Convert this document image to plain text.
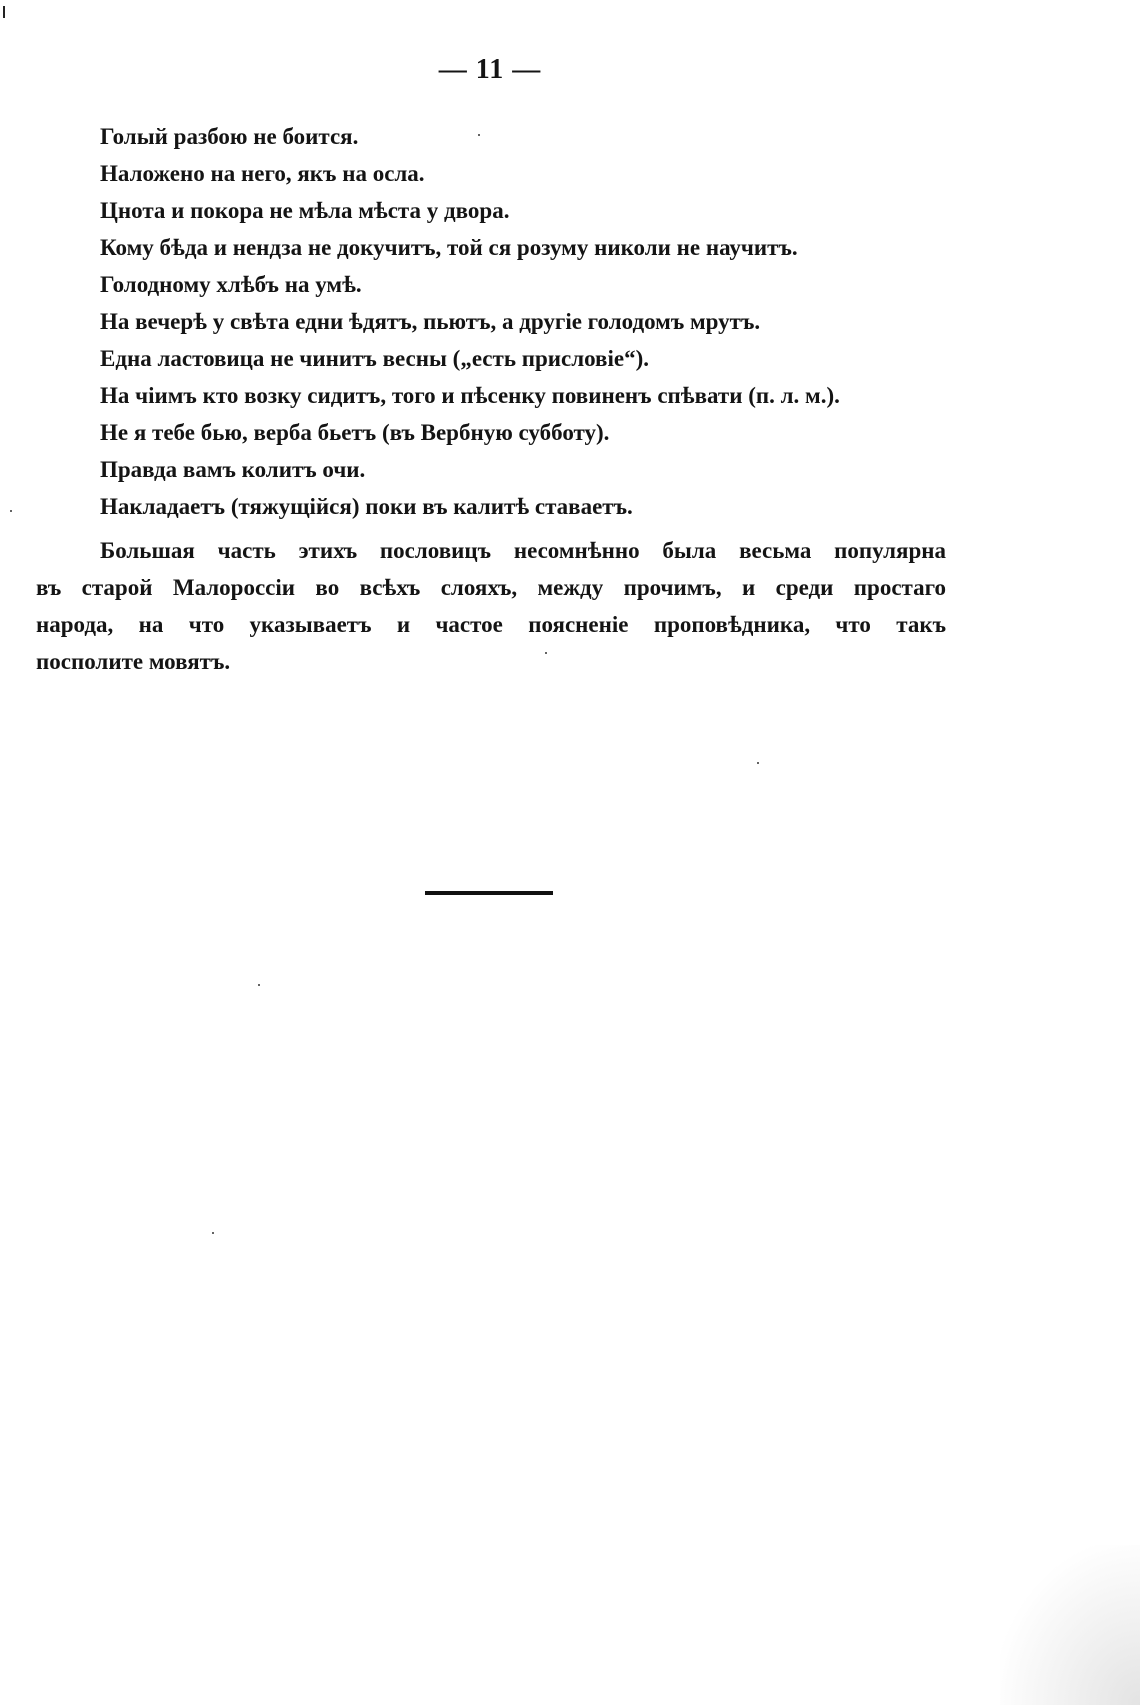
— 11 —
Голый разбою не боится.
Наложено на него, якъ на осла.
Цнота и покора не мѣла мѣста у двора.
Кому бѣда и нендза не докучитъ, той ся розуму николи не научитъ.
Голодному хлѣбъ на умѣ.
На вечерѣ у свѣта едни ѣдятъ, пьютъ, а другіе голодомъ мрутъ.
Една ластовица не чинитъ весны („есть присловіе“).
На чіимъ кто возку сидитъ, того и пѣсенку повиненъ спѣвати (п. л. м.).
Не я тебе бью, верба бьетъ (въ Вербную субботу).
Правда вамъ колитъ очи.
Накладаетъ (тяжущійся) поки въ калитѣ ставаетъ.

Большая часть этихъ пословицъ несомнѣнно была весьма популярна
въ старой Малороссіи во всѣхъ слояхъ, между прочимъ, и среди простаго
народа, на что указываетъ и частое поясненіе проповѣдника, что такъ
посполите мовятъ.
